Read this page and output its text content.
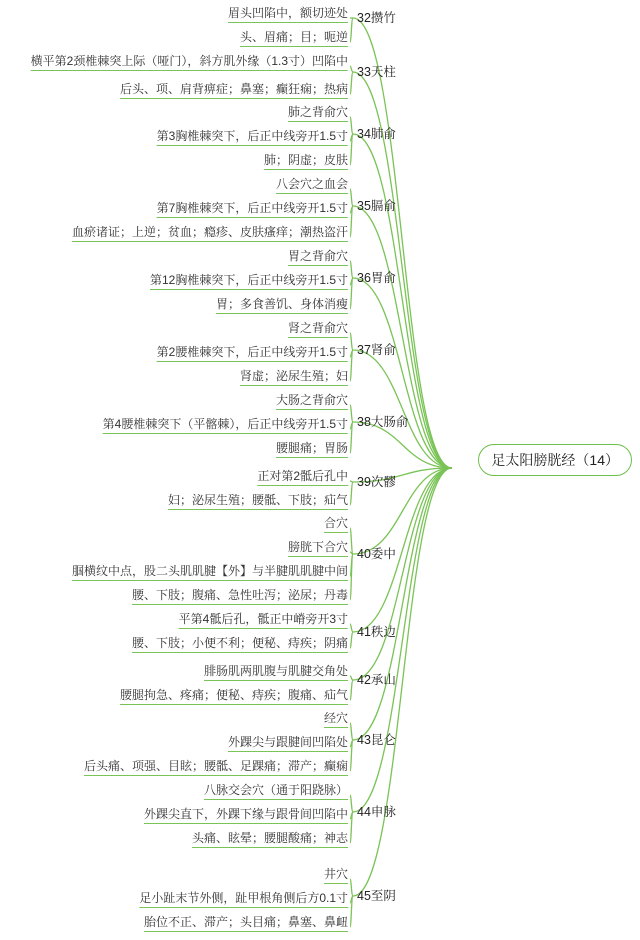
足太阳膀胱经（14）
32攒竹
眉头凹陷中，额切迹处
头、眉痛；目；呃逆
33天柱
横平第2颈椎棘突上际（哑门），斜方肌外缘（1.3寸）凹陷中
后头、项、肩背痹症；鼻塞；癫狂痫；热病
34肺俞
肺之背俞穴
第3胸椎棘突下，后正中线旁开1.5寸
肺；阴虚；皮肤
35膈俞
八会穴之血会
第7胸椎棘突下，后正中线旁开1.5寸
血瘀诸证；上逆；贫血；瘾疹、皮肤瘙痒；潮热盗汗
36胃俞
胃之背俞穴
第12胸椎棘突下，后正中线旁开1.5寸
胃；多食善饥、身体消瘦
37肾俞
肾之背俞穴
第2腰椎棘突下，后正中线旁开1.5寸
肾虚；泌尿生殖；妇
38大肠俞
大肠之背俞穴
第4腰椎棘突下（平髂棘），后正中线旁开1.5寸
腰腿痛；胃肠
39次髎
正对第2骶后孔中
妇；泌尿生殖；腰骶、下肢；疝气
40委中
合穴
膀胱下合穴
腘横纹中点，股二头肌肌腱【外】与半腱肌肌腱中间
腰、下肢；腹痛、急性吐泻；泌尿；丹毒
41秩边
平第4骶后孔，骶正中嵴旁开3寸
腰、下肢；小便不利；便秘、痔疾；阴痛
42承山
腓肠肌两肌腹与肌腱交角处
腰腿拘急、疼痛；便秘、痔疾；腹痛、疝气
43昆仑
经穴
外踝尖与跟腱间凹陷处
后头痛、项强、目眩；腰骶、足踝痛；滞产；癫痫
44申脉
八脉交会穴（通于阳跷脉）
外踝尖直下，外踝下缘与跟骨间凹陷中
头痛、眩晕；腰腿酸痛；神志
45至阴
井穴
足小趾末节外侧，趾甲根角侧后方0.1寸
胎位不正、滞产；头目痛；鼻塞、鼻衄
